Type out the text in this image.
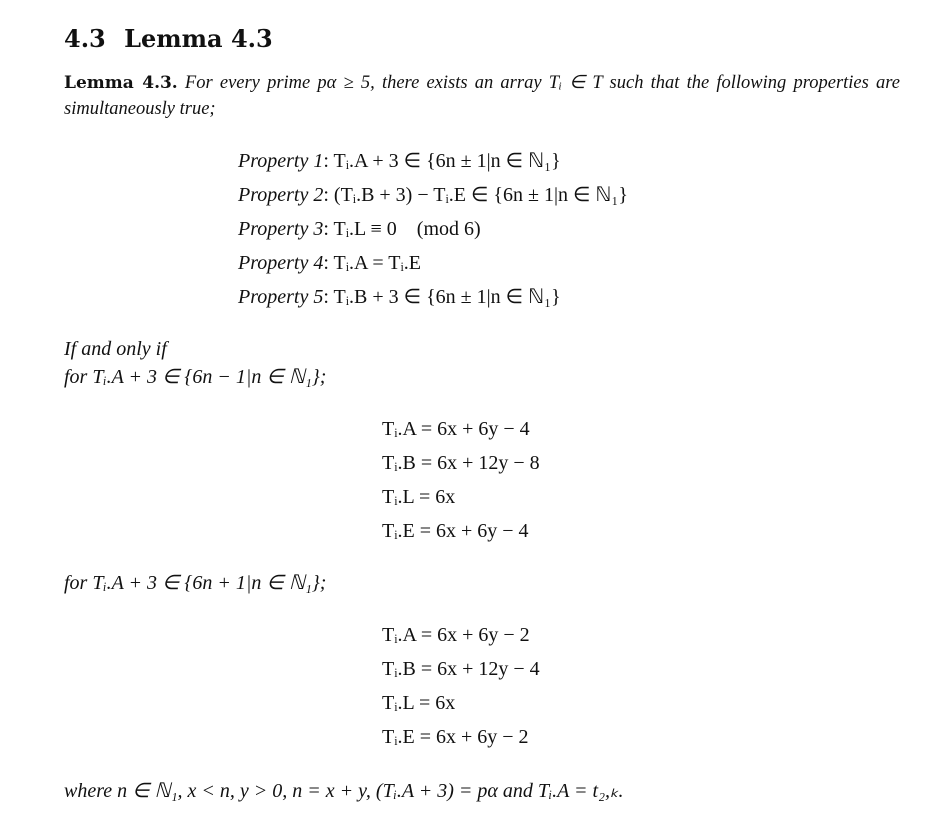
4.3 Lemma 4.3
Lemma 4.3. For every prime pα ≥ 5, there exists an array Tᵢ ∈ T such that the following properties are simultaneously true;
Property 1: Tᵢ.A + 3 ∈ {6n ± 1|n ∈ ℕ₁}
Property 2: (Tᵢ.B + 3) − Tᵢ.E ∈ {6n ± 1|n ∈ ℕ₁}
Property 3: Tᵢ.L ≡ 0    (mod 6)
Property 4: Tᵢ.A = Tᵢ.E
Property 5: Tᵢ.B + 3 ∈ {6n ± 1|n ∈ ℕ₁}
If and only if
for Tᵢ.A + 3 ∈ {6n − 1|n ∈ ℕ₁};
Tᵢ.A = 6x + 6y − 4
Tᵢ.B = 6x + 12y − 8
Tᵢ.L = 6x
Tᵢ.E = 6x + 6y − 4
for Tᵢ.A + 3 ∈ {6n + 1|n ∈ ℕ₁};
Tᵢ.A = 6x + 6y − 2
Tᵢ.B = 6x + 12y − 4
Tᵢ.L = 6x
Tᵢ.E = 6x + 6y − 2
where n ∈ ℕ₁, x < n, y > 0, n = x + y, (Tᵢ.A + 3) = pα and Tᵢ.A = t₂,ₖ.
